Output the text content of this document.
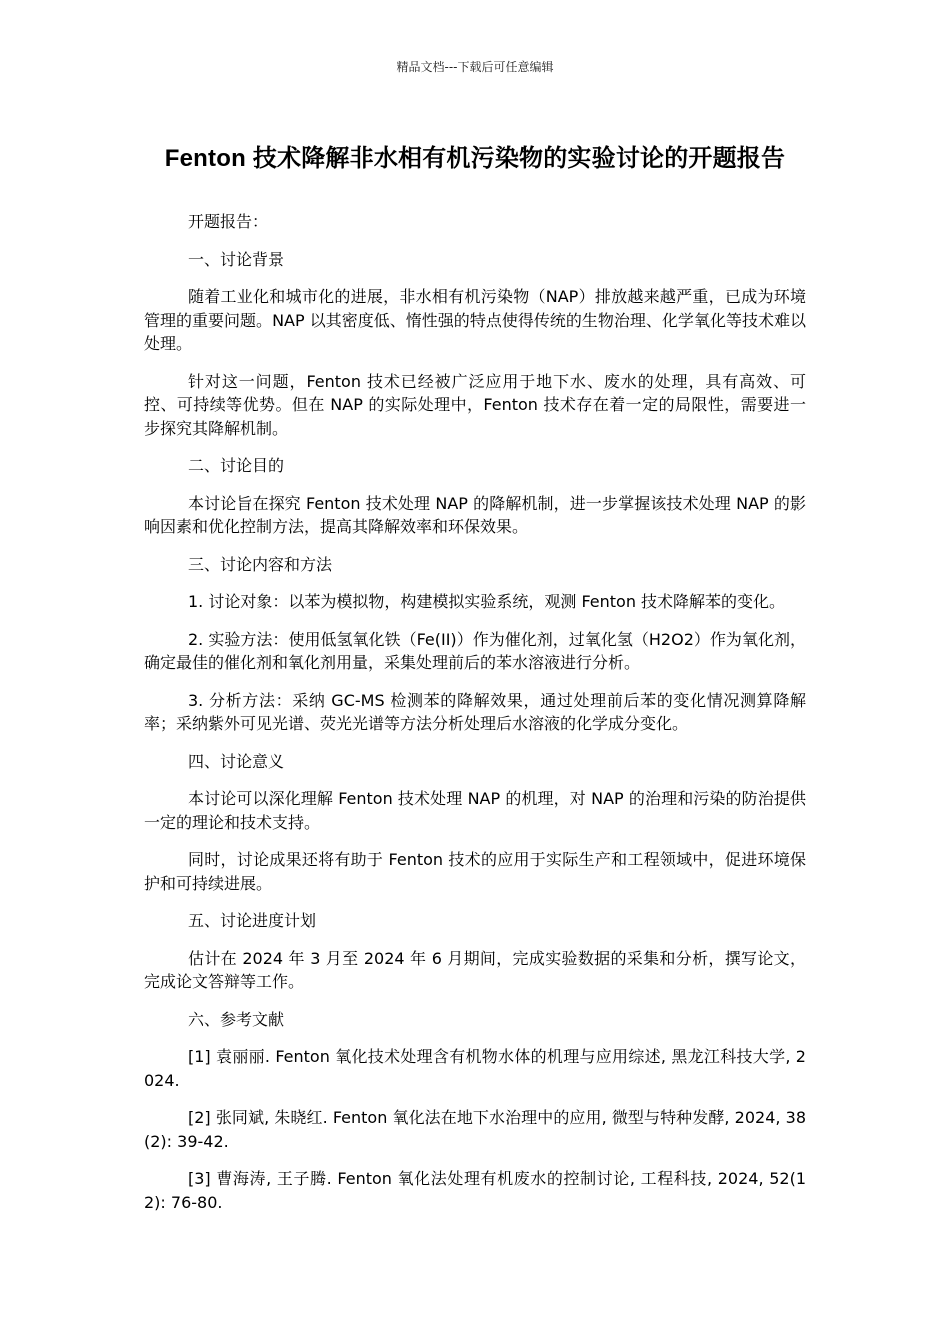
精品文档---下载后可任意编辑
Fenton 技术降解非水相有机污染物的实验讨论的开题报告

开题报告：

一、讨论背景

随着工业化和城市化的进展，非水相有机污染物（NAP）排放越来越严重，已成为环境管理的重要问题。NAP 以其密度低、惰性强的特点使得传统的生物治理、化学氧化等技术难以处理。

针对这一问题，Fenton 技术已经被广泛应用于地下水、废水的处理，具有高效、可控、可持续等优势。但在 NAP 的实际处理中，Fenton 技术存在着一定的局限性，需要进一步探究其降解机制。

二、讨论目的

本讨论旨在探究 Fenton 技术处理 NAP 的降解机制，进一步掌握该技术处理 NAP 的影响因素和优化控制方法，提高其降解效率和环保效果。

三、讨论内容和方法

1. 讨论对象：以苯为模拟物，构建模拟实验系统，观测 Fenton 技术降解苯的变化。

2. 实验方法：使用低氢氧化铁（Fe(II)）作为催化剂，过氧化氢（H2O2）作为氧化剂，确定最佳的催化剂和氧化剂用量，采集处理前后的苯水溶液进行分析。

3. 分析方法：采纳 GC-MS 检测苯的降解效果，通过处理前后苯的变化情况测算降解率；采纳紫外可见光谱、荧光光谱等方法分析处理后水溶液的化学成分变化。

四、讨论意义

本讨论可以深化理解 Fenton 技术处理 NAP 的机理，对 NAP 的治理和污染的防治提供一定的理论和技术支持。

同时，讨论成果还将有助于 Fenton 技术的应用于实际生产和工程领域中，促进环境保护和可持续进展。

五、讨论进度计划

估计在 2024 年 3 月至 2024 年 6 月期间，完成实验数据的采集和分析，撰写论文，完成论文答辩等工作。

六、参考文献

[1] 袁丽丽. Fenton 氧化技术处理含有机物水体的机理与应用综述, 黑龙江科技大学, 2024.

[2] 张同斌, 朱晓红. Fenton 氧化法在地下水治理中的应用, 微型与特种发酵, 2024, 38(2): 39-42.

[3] 曹海涛, 王子腾. Fenton 氧化法处理有机废水的控制讨论, 工程科技, 2024, 52(12): 76-80.
